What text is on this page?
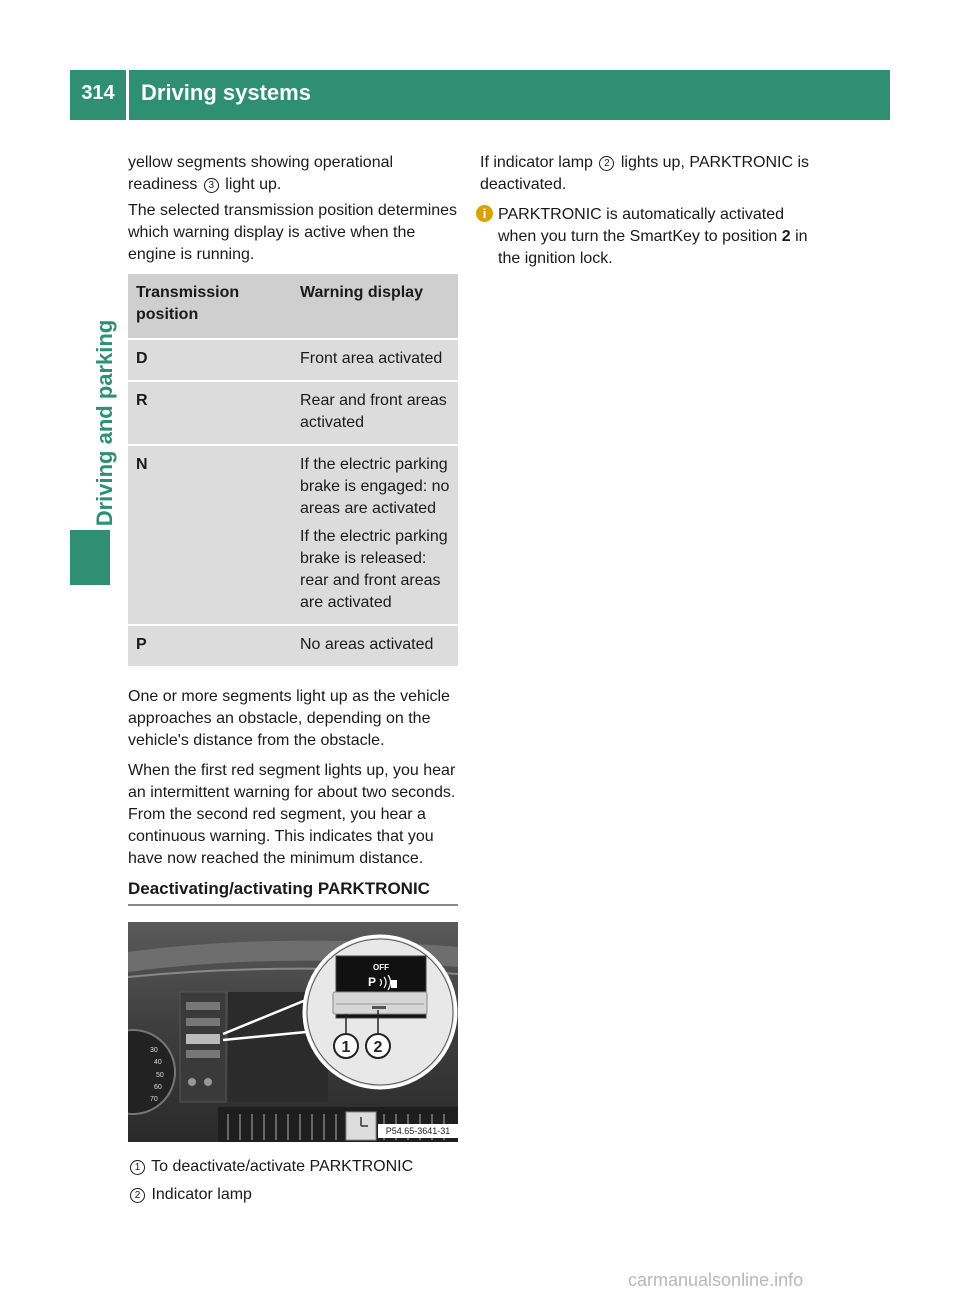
314	Driving systems
Driving and parking

yellow segments showing operational
readiness 3 light up.

The selected transmission position determines which warning display is active when the engine is running.

Transmission position	Warning display
D	Front area activated

R	Rear and front areas activated

N	If the electric parking brake is engaged: no areas are activated

If the electric parking brake is released: rear and front areas are activated

P	No areas activated

One or more segments light up as the vehicle approaches an obstacle, depending on the vehicle's distance from the obstacle.

When the first red segment lights up, you hear an intermittent warning for about two seconds. From the second red segment, you hear a continuous warning. This indicates that you have now reached the minimum distance.

Deactivating/activating PARKTRONIC
30
40
50
60
70
OFF
P
1 2
P54.65-3641-31
1 To deactivate/activate PARKTRONIC
2 Indicator lamp

If indicator lamp 2 lights up, PARKTRONIC is deactivated.

i PARKTRONIC is automatically activated when you turn the SmartKey to position 2 in the ignition lock.

carmanualsonline.info
